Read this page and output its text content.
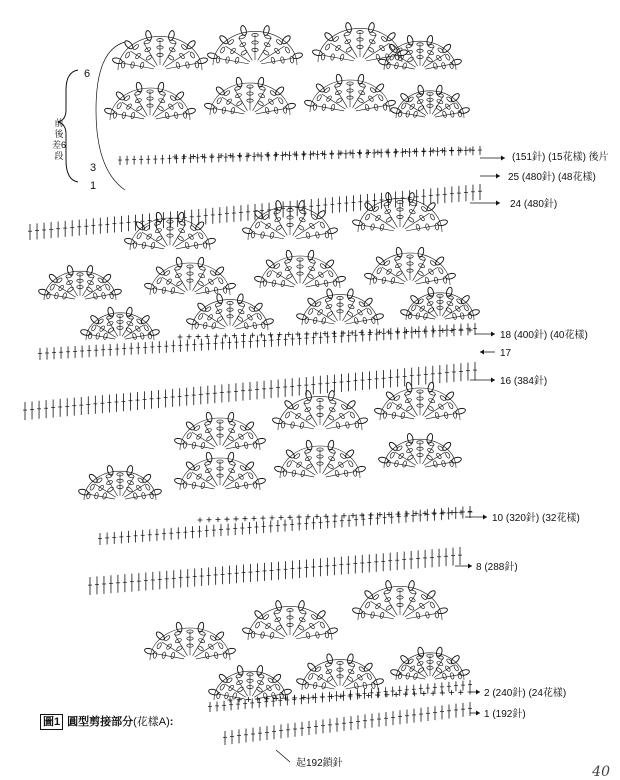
前後差6段
6
3
1
(151針) (15花樣) 後片
25 (480針) (48花樣)
24 (480針)
18 (400針) (40花樣)
17
16 (384針)
10 (320針) (32花樣)
8 (288針)
2 (240針) (24花樣)
1 (192針)
圖1 圓型剪接部分(花樣A):
起192鎖針
40
